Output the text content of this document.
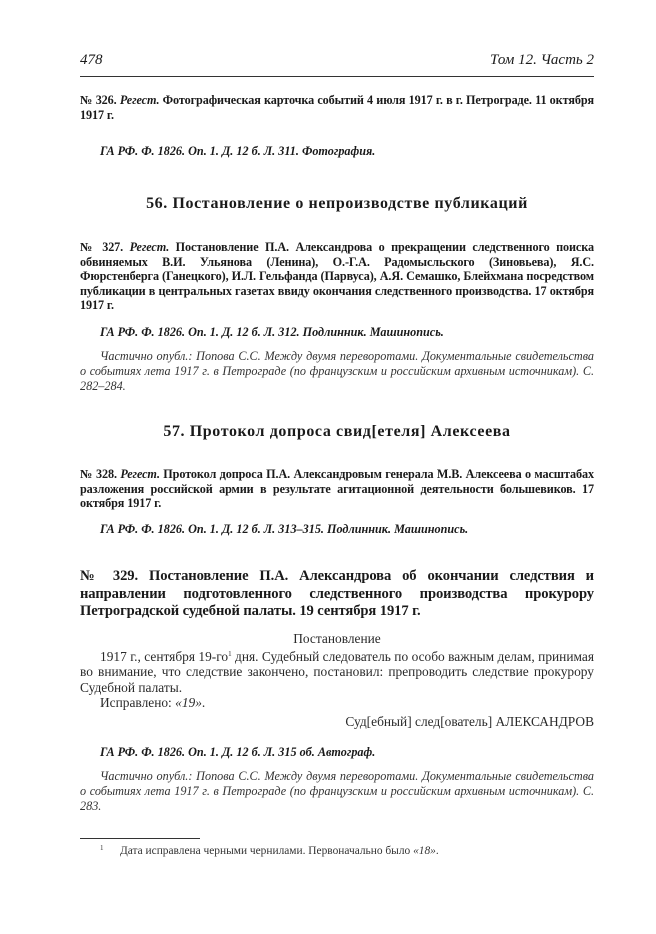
478	Том 12. Часть 2
№ 326. Регест. Фотографическая карточка событий 4 июля 1917 г. в г. Петрограде. 11 октября 1917 г.
ГА РФ. Ф. 1826. Оп. 1. Д. 12 б. Л. 311. Фотография.
56. Постановление о непроизводстве публикаций
№ 327. Регест. Постановление П.А. Александрова о прекращении следственного поиска обвиняемых В.И. Ульянова (Ленина), О.-Г.А. Радомысльского (Зиновьева), Я.С. Фюрстенберга (Ганецкого), И.Л. Гельфанда (Парвуса), А.Я. Семашко, Блейхмана посредством публикации в центральных газетах ввиду окончания следственного производства. 17 октября 1917 г.
ГА РФ. Ф. 1826. Оп. 1. Д. 12 б. Л. 312. Подлинник. Машинопись.
Частично опубл.: Попова С.С. Между двумя переворотами. Документальные свидетельства о событиях лета 1917 г. в Петрограде (по французским и российским архивным источникам). С. 282–284.
57. Протокол допроса свид[етеля] Алексеева
№ 328. Регест. Протокол допроса П.А. Александровым генерала М.В. Алексеева о масштабах разложения российской армии в результате агитационной деятельности большевиков. 17 октября 1917 г.
ГА РФ. Ф. 1826. Оп. 1. Д. 12 б. Л. 313–315. Подлинник. Машинопись.
№ 329. Постановление П.А. Александрова об окончании следствия и направлении подготовленного следственного производства прокурору Петроградской судебной палаты. 19 сентября 1917 г.

Постановление

1917 г., сентября $19-го^1$ дня. Судебный следователь по особо важным делам, принимая во внимание, что следствие закончено, постановил: препроводить следствие прокурору Судебной палаты.

Исправлено: «19».

Суд[ебный] след[ователь] АЛЕКСАНДРОВ

ГА РФ. Ф. 1826. Оп. 1. Д. 12 б. Л. 315 об. Автограф.
Частично опубл.: Попова С.С. Между двумя переворотами. Документальные свидетельства о событиях лета 1917 г. в Петрограде (по французским и российским архивным источникам). С. 283.
1 Дата исправлена черными чернилами. Первоначально было «18».
